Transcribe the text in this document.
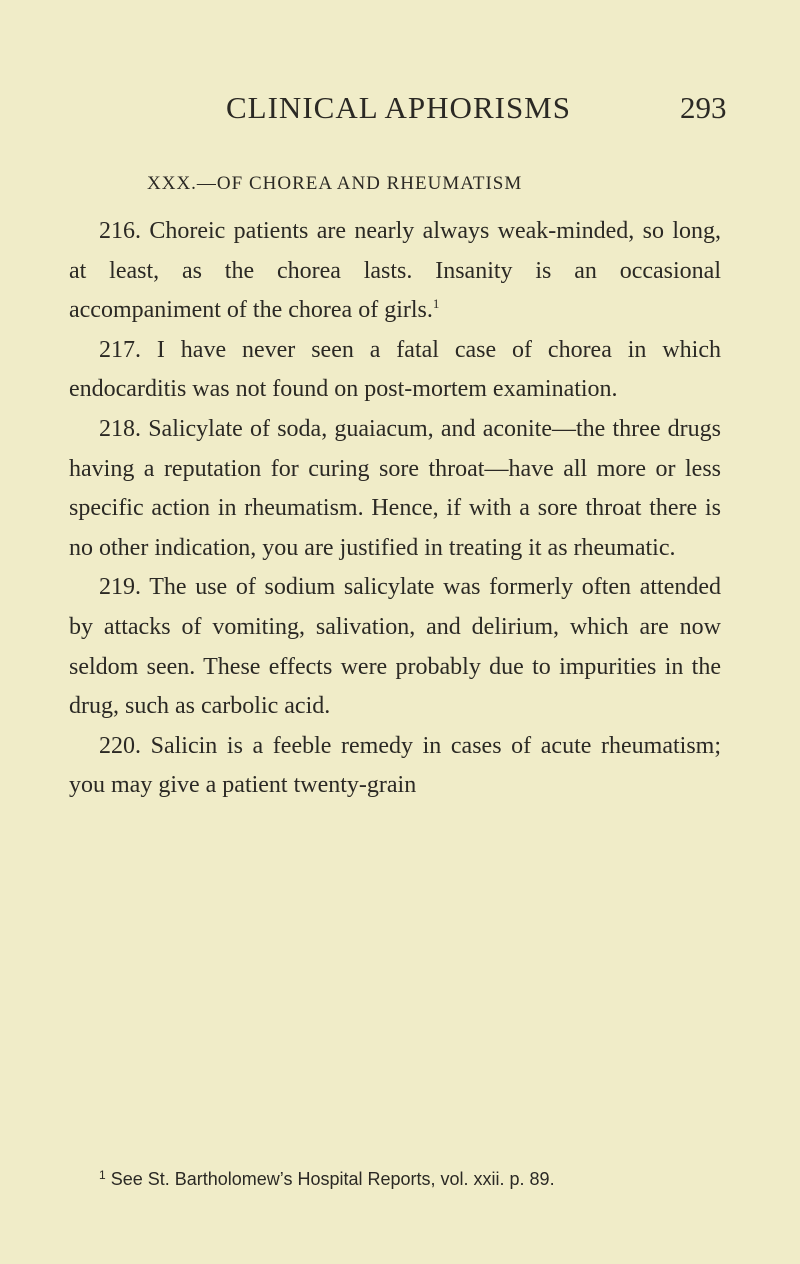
CLINICAL APHORISMS	293
XXX.—OF CHOREA AND RHEUMATISM

216. Choreic patients are nearly always weak-minded, so long, at least, as the chorea lasts. Insanity is an occasional accompaniment of the chorea of girls.$^1$

217. I have never seen a fatal case of chorea in which endocarditis was not found on post-mortem examination.

218. Salicylate of soda, guaiacum, and aconite—the three drugs having a reputation for curing sore throat—have all more or less specific action in rheumatism. Hence, if with a sore throat there is no other indication, you are justified in treating it as rheumatic.

219. The use of sodium salicylate was formerly often attended by attacks of vomiting, salivation, and delirium, which are now seldom seen. These effects were probably due to impurities in the drug, such as carbolic acid.

220. Salicin is a feeble remedy in cases of acute rheumatism; you may give a patient twenty-grain

$^1$ See St. Bartholomew’s Hospital Reports, vol. xxii. p. 89.
